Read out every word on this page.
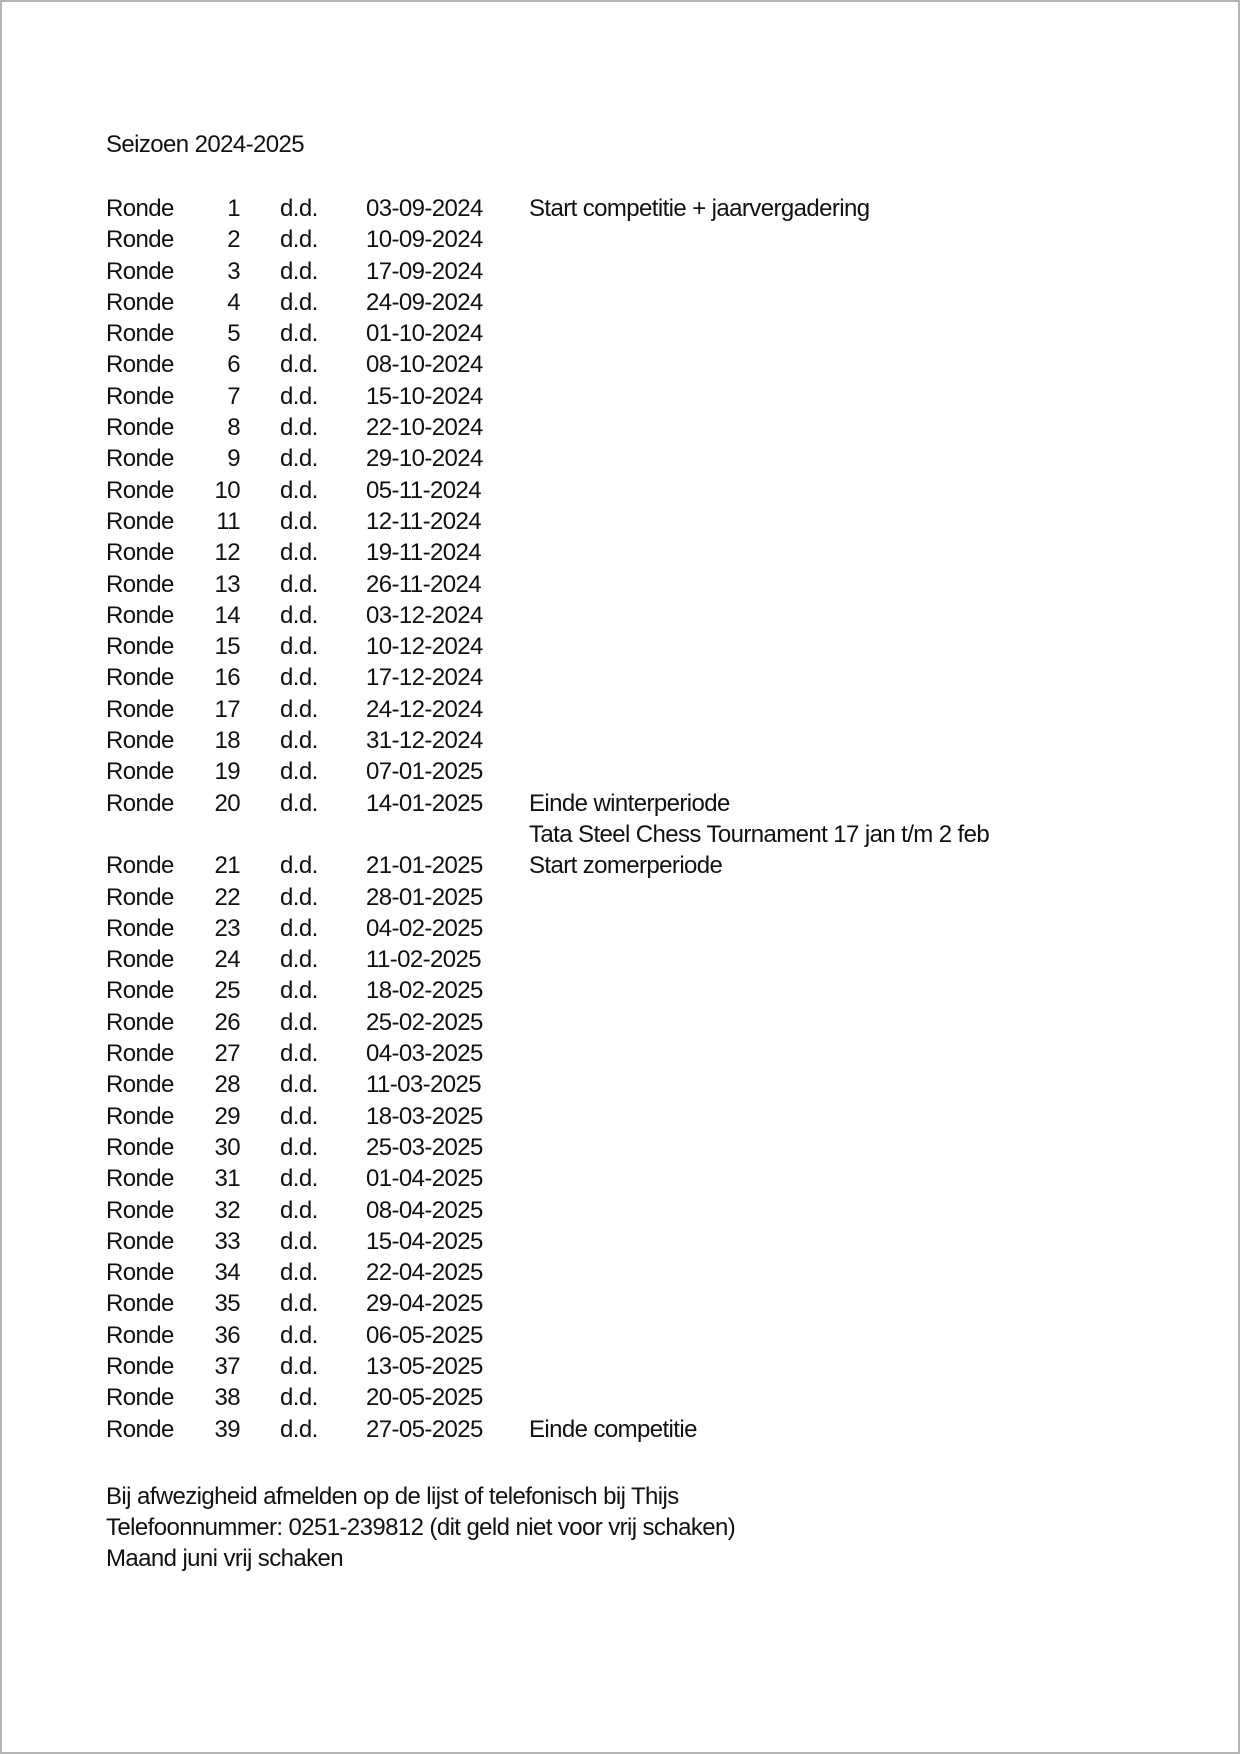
Seizoen 2024-2025
Ronde	1 d.d. 03-09-2024 Start competitie + jaarvergadering
Ronde	2 d.d. 10-09-2024
Ronde	3 d.d. 17-09-2024
Ronde	4 d.d. 24-09-2024
Ronde	5 d.d. 01-10-2024
Ronde	6 d.d. 08-10-2024
Ronde	7 d.d. 15-10-2024
Ronde	8 d.d. 22-10-2024
Ronde	9 d.d. 29-10-2024
Ronde	10 d.d. 05-11-2024
Ronde	11 d.d. 12-11-2024
Ronde	12 d.d. 19-11-2024
Ronde	13 d.d. 26-11-2024
Ronde	14 d.d. 03-12-2024
Ronde	15 d.d. 10-12-2024
Ronde	16 d.d. 17-12-2024
Ronde	17 d.d. 24-12-2024
Ronde	18 d.d. 31-12-2024
Ronde	19 d.d. 07-01-2025
Ronde	20 d.d. 14-01-2025 Einde winterperiode
Tata Steel Chess Tournament 17 jan t/m 2 feb
Ronde	21 d.d. 21-01-2025 Start zomerperiode
Ronde	22 d.d. 28-01-2025
Ronde	23 d.d. 04-02-2025
Ronde	24 d.d. 11-02-2025
Ronde	25 d.d. 18-02-2025
Ronde	26 d.d. 25-02-2025
Ronde	27 d.d. 04-03-2025
Ronde	28 d.d. 11-03-2025
Ronde	29 d.d. 18-03-2025
Ronde	30 d.d. 25-03-2025
Ronde	31 d.d. 01-04-2025
Ronde	32 d.d. 08-04-2025
Ronde	33 d.d. 15-04-2025
Ronde	34 d.d. 22-04-2025
Ronde	35 d.d. 29-04-2025
Ronde	36 d.d. 06-05-2025
Ronde	37 d.d. 13-05-2025
Ronde	38 d.d. 20-05-2025
Ronde	39 d.d. 27-05-2025 Einde competitie
Bij afwezigheid afmelden op de lijst of telefonisch bij Thijs
Telefoonnummer: 0251-239812 (dit geld niet voor vrij schaken)
Maand juni vrij schaken
